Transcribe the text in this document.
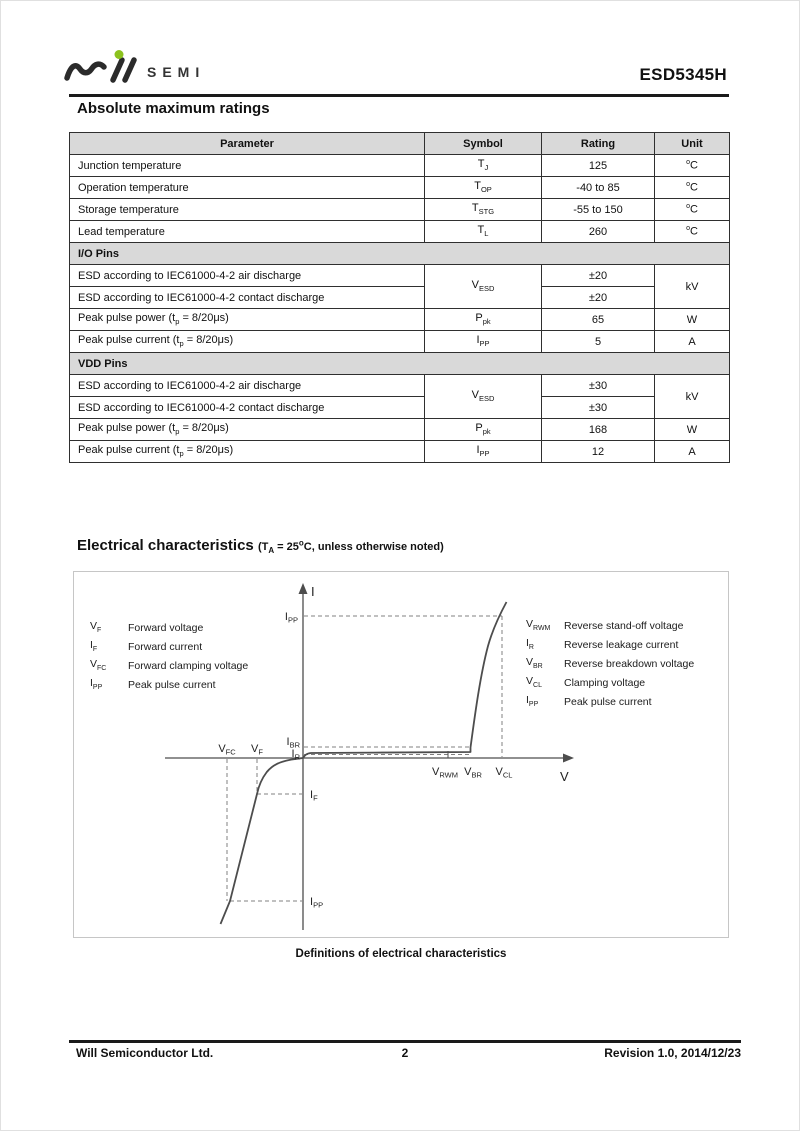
SEMI	ESD5345H
Absolute maximum ratings
Parameter	Symbol	Rating	Unit
Junction temperature	$T_J$	125	$^o$C
Operation temperature	$T_{OP}$	-40 to 85	$^o$C
Storage temperature	$T_{STG}$	-55 to 150	$^o$C
Lead temperature	$T_L$	260	$^o$C
I/O Pins			
ESD according to IEC61000-4-2 air discharge	$V_{ESD}$	±20	kV
ESD according to IEC61000-4-2 contact discharge		±20	
Peak pulse power $(t_p = 8/20\mu s)$	$P_{pk}$	65	W
Peak pulse current $(t_p = 8/20\mu s)$	$I_{PP}$	5	A
VDD Pins			
ESD according to IEC61000-4-2 air discharge	$V_{ESD}$	±30	kV
ESD according to IEC61000-4-2 contact discharge		±30	
Peak pulse power $(t_p = 8/20\mu s)$	$P_{pk}$	168	W
Peak pulse current $(t_p = 8/20\mu s)$	$I_{PP}$	12	A
Electrical characteristics ($T_A = 25^oC$, unless otherwise noted)
I
V
$I_{PP}$
$I_{BR}$
$I_R$
$I_F$
$I_{PP}$
$V_{FC}$ $V_F$
$V_{RWM}$ $V_{BR}$ $V_{CL}$
$V_F$	Forward voltage
$I_F$	Forward current
$V_{FC}$	Forward clamping voltage
$I_{PP}$	Peak pulse current
$V_{RWM}$	Reverse stand-off voltage
$I_R$	Reverse leakage current
$V_{BR}$	Reverse breakdown voltage
$V_{CL}$	Clamping voltage
$I_{PP}$	Peak pulse current
Definitions of electrical characteristics
Will Semiconductor Ltd.	2	Revision 1.0, 2014/12/23
